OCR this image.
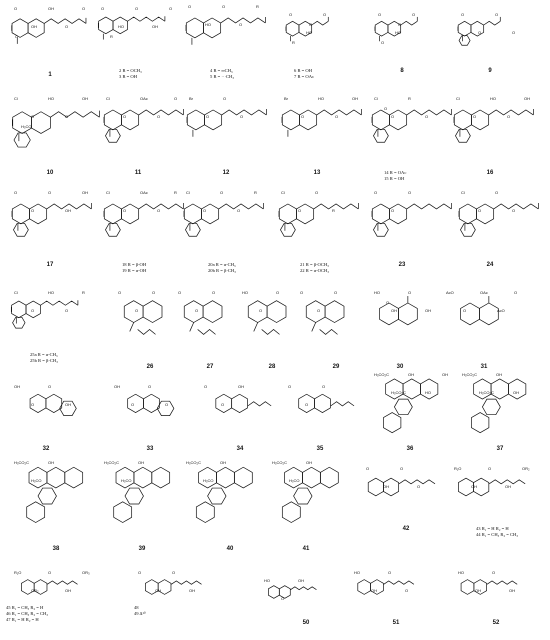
O
OH
OH
O
O
O
1
O
HO
O
OH
O
R
2 R = OCH₃
3 R = OH
O
HO
O
O
R
4 R = ═CH₃
5 R = ···CH₃
O
HO
O
R
O
6 R = OH
7 R = OAc
O
HO
O
O
O
8
O
O
O
O
9
Cl
O
HO
O
OH
H₃CO
10
Cl
O
OAc
O
O
11
Br
O
O
O
12
Br
O
HO
O
OH
13
Cl
O
R
O
O
14 R = OAc
15 R = OH
Cl
O
HO
O
OH
16
O
O
O
OH
OH
17
Cl
O
OAc
O
R
18 R = β-OH
19 R = α-OH
Cl
O
O
O
R
20a R = α-CH₃
20b R = β-CH₃
Cl
O
O
R
21 R = β-OCH₃
22 R = α-OCH₃
O
O
O
23
Cl
O
O
O
24
Cl
O
HO
O
R
25a R = α-CH₃
25b R = β-CH₃
O
O
O
26
O
O
O
27
HO
O
O
28
O
O
O
29
HO
OH
O
OH
O
30
AcO
O
OAc
AcO
O
31
OH
O
O
OH
32
OH
O
O
O
33
O
O
OH
34
O
O
O
35
H₃CO₂C
H₃CO₂C
OH
HO
OH
36
H₃CO₂C
H₃CO₂C
OH
OH
37
H₃CO₂C
H₃CO
OH
38
H₃CO₂C
H₃CO
OH
39
H₃CO₂C
H₃CO
OH
40
H₃CO₂C
H₃CO
OH
41
O
OH
O
O
42
R₁O
OH
O
OH
OR₂
43 R₁ = H R₂ = H
44 R₁ = CH₃ R₂ = CH₃
R₁O
OR₂
O
OH
OR₃
45 R₁ = CH₃ R₂ = H
46 R₁ = CH₃ R₂ = CH₃
47 R₁ = H R₂ = H
O
OH
O
OH
48
49 Δ¹⁰
HO
O
OH
50
HO
OH
O
O
51
HO
OH
O
OH
52
